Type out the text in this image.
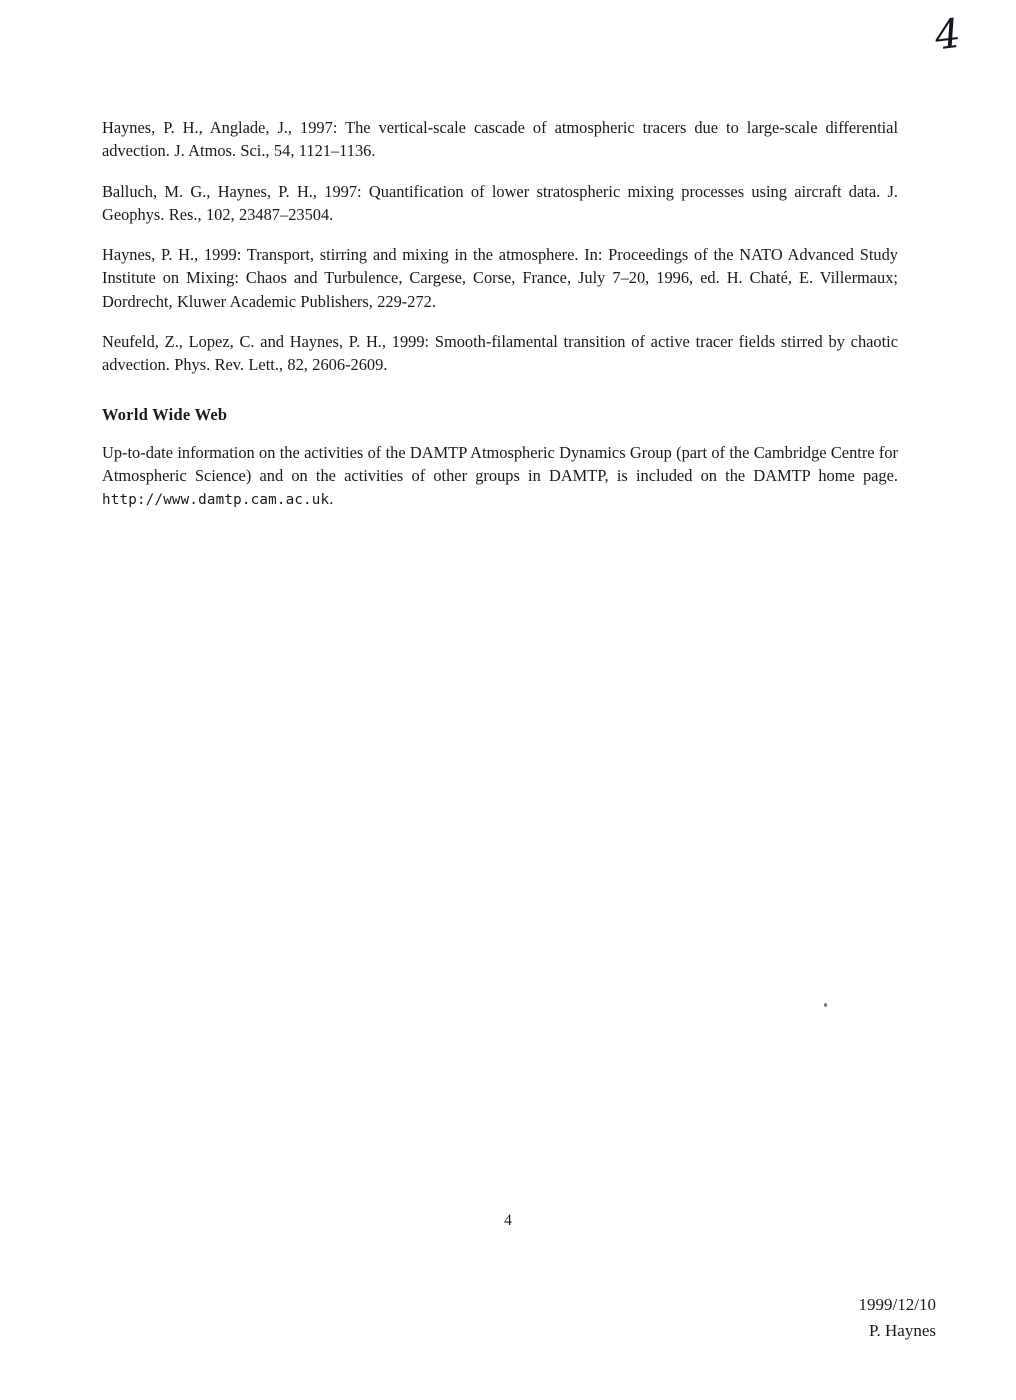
4

Haynes, P. H., Anglade, J., 1997: The vertical-scale cascade of atmospheric tracers due to large-scale differential advection. J. Atmos. Sci., 54, 1121–1136.

Balluch, M. G., Haynes, P. H., 1997: Quantification of lower stratospheric mixing processes using aircraft data. J. Geophys. Res., 102, 23487–23504.

Haynes, P. H., 1999: Transport, stirring and mixing in the atmosphere. In: Proceedings of the NATO Advanced Study Institute on Mixing: Chaos and Turbulence, Cargese, Corse, France, July 7–20, 1996, ed. H. Chaté, E. Villermaux; Dordrecht, Kluwer Academic Publishers, 229-272.

Neufeld, Z., Lopez, C. and Haynes, P. H., 1999: Smooth-filamental transition of active tracer fields stirred by chaotic advection. Phys. Rev. Lett., 82, 2606-2609.

World Wide Web

Up-to-date information on the activities of the DAMTP Atmospheric Dynamics Group (part of the Cambridge Centre for Atmospheric Science) and on the activities of other groups in DAMTP, is included on the DAMTP home page. http://www.damtp.cam.ac.uk.

4
1999/12/10
P. Haynes
